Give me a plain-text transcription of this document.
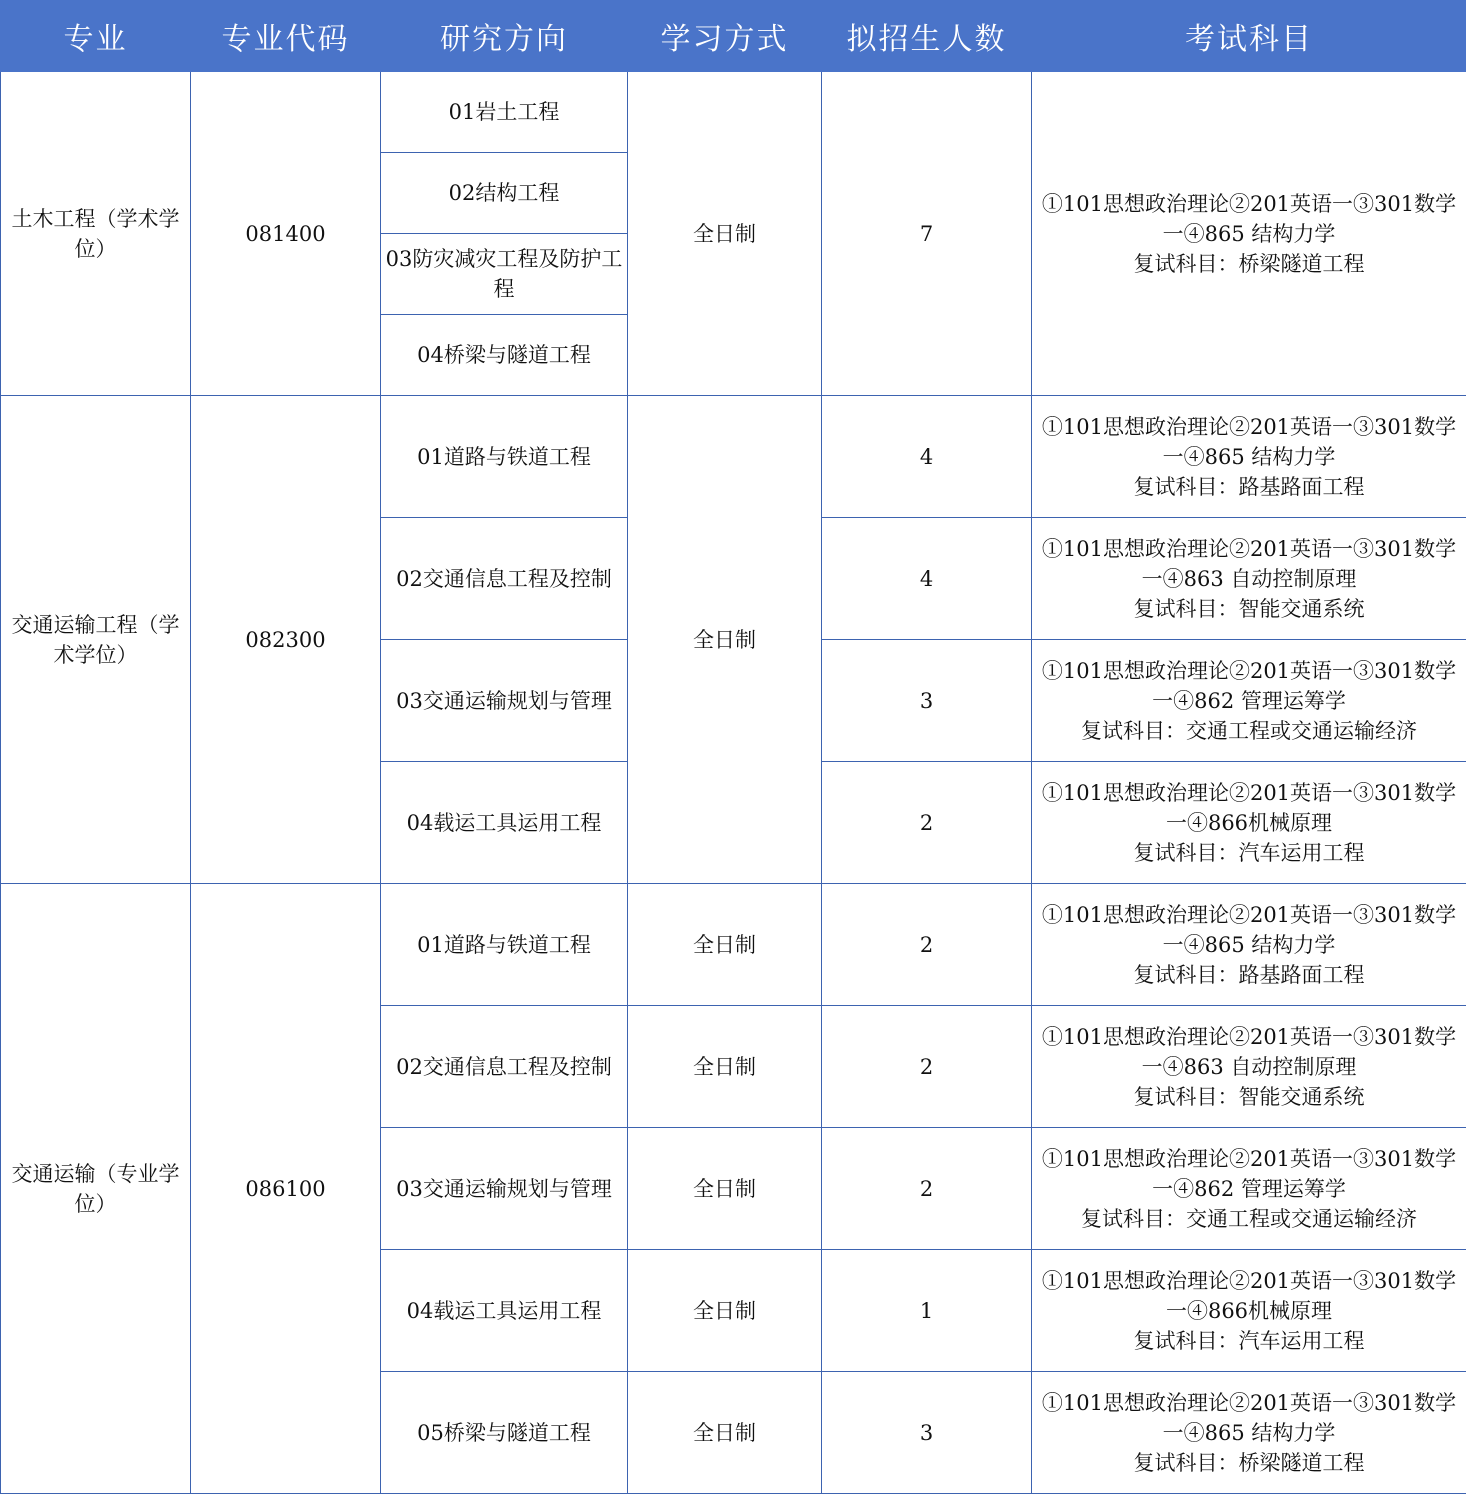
专业	专业代码	研究方向	学习方式	拟招生人数	考试科目
土木工程（学术学位）	081400	01岩土工程	全日制	7	①101思想政治理论②201英语一③301数学一④865 结构力学
复试科目：桥梁隧道工程

		02结构工程			
		03防灾减灾工程及防护工程			
		04桥梁与隧道工程			
交通运输工程（学术学位）	082300	01道路与铁道工程	全日制	4	①101思想政治理论②201英语一③301数学一④865 结构力学
复试科目：路基路面工程

		02交通信息工程及控制		4	①101思想政治理论②201英语一③301数学一④863 自动控制原理
复试科目：智能交通系统

		03交通运输规划与管理		3	①101思想政治理论②201英语一③301数学一④862 管理运筹学
复试科目：交通工程或交通运输经济

		04载运工具运用工程		2	①101思想政治理论②201英语一③301数学一④866机械原理
复试科目：汽车运用工程

交通运输（专业学位）	086100	01道路与铁道工程	全日制	2	①101思想政治理论②201英语一③301数学一④865 结构力学
复试科目：路基路面工程

		02交通信息工程及控制	全日制	2	①101思想政治理论②201英语一③301数学一④863 自动控制原理
复试科目：智能交通系统

		03交通运输规划与管理	全日制	2	①101思想政治理论②201英语一③301数学一④862 管理运筹学
复试科目：交通工程或交通运输经济

		04载运工具运用工程	全日制	1	①101思想政治理论②201英语一③301数学一④866机械原理
复试科目：汽车运用工程

		05桥梁与隧道工程	全日制	3	①101思想政治理论②201英语一③301数学一④865 结构力学
复试科目：桥梁隧道工程
